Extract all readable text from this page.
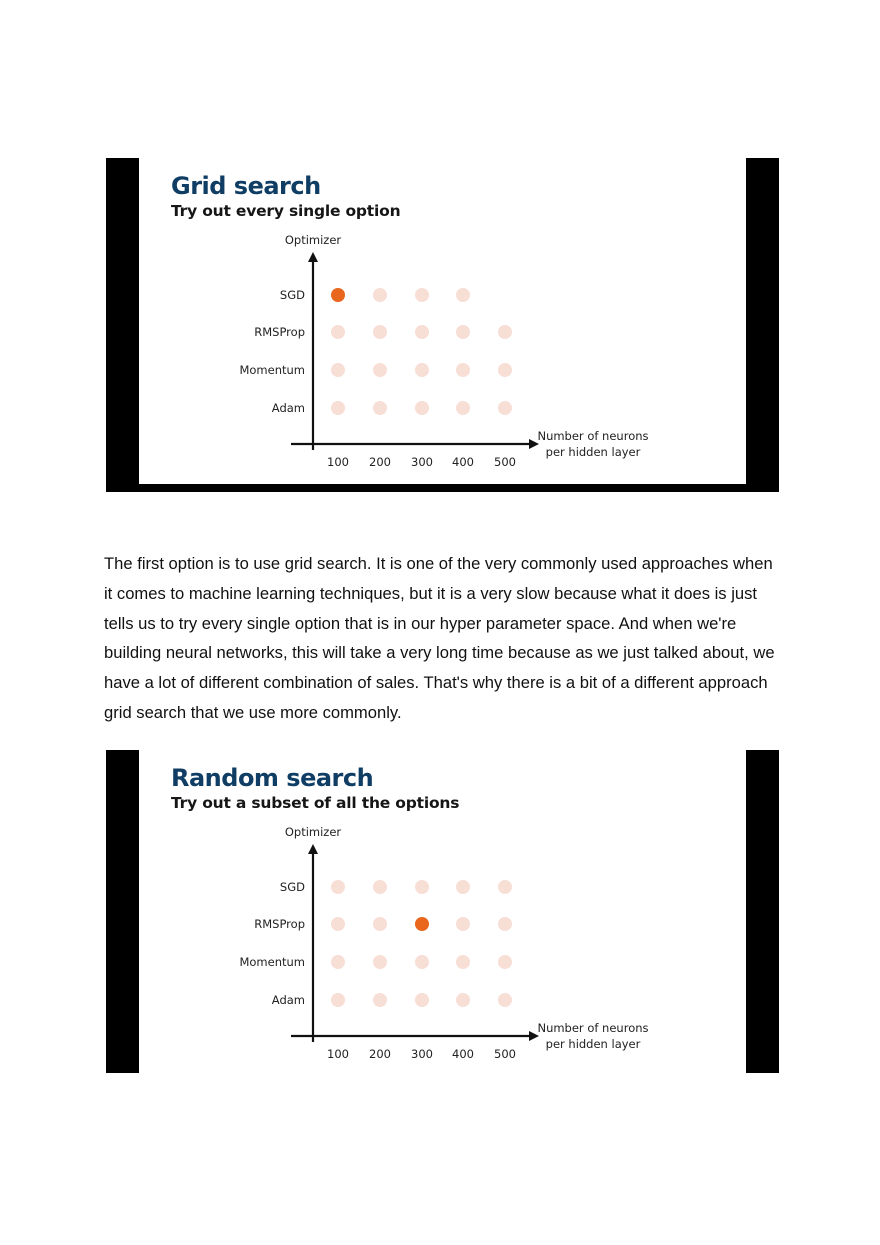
Grid search

Try out every single option

Optimizer
SGD
RMSProp
Momentum
Adam
100 200 300 400 500
Number of neurons per hidden layer

The first option is to use grid search. It is one of the very commonly used approaches when it comes to machine learning techniques, but it is a very slow because what it does is just tells us to try every single option that is in our hyper parameter space. And when we're building neural networks, this will take a very long time because as we just talked about, we have a lot of different combination of sales. That's why there is a bit of a different approach grid search that we use more commonly.

Random search

Try out a subset of all the options

Optimizer
SGD
RMSProp
Momentum
Adam
100 200 300 400 500
Number of neurons per hidden layer
